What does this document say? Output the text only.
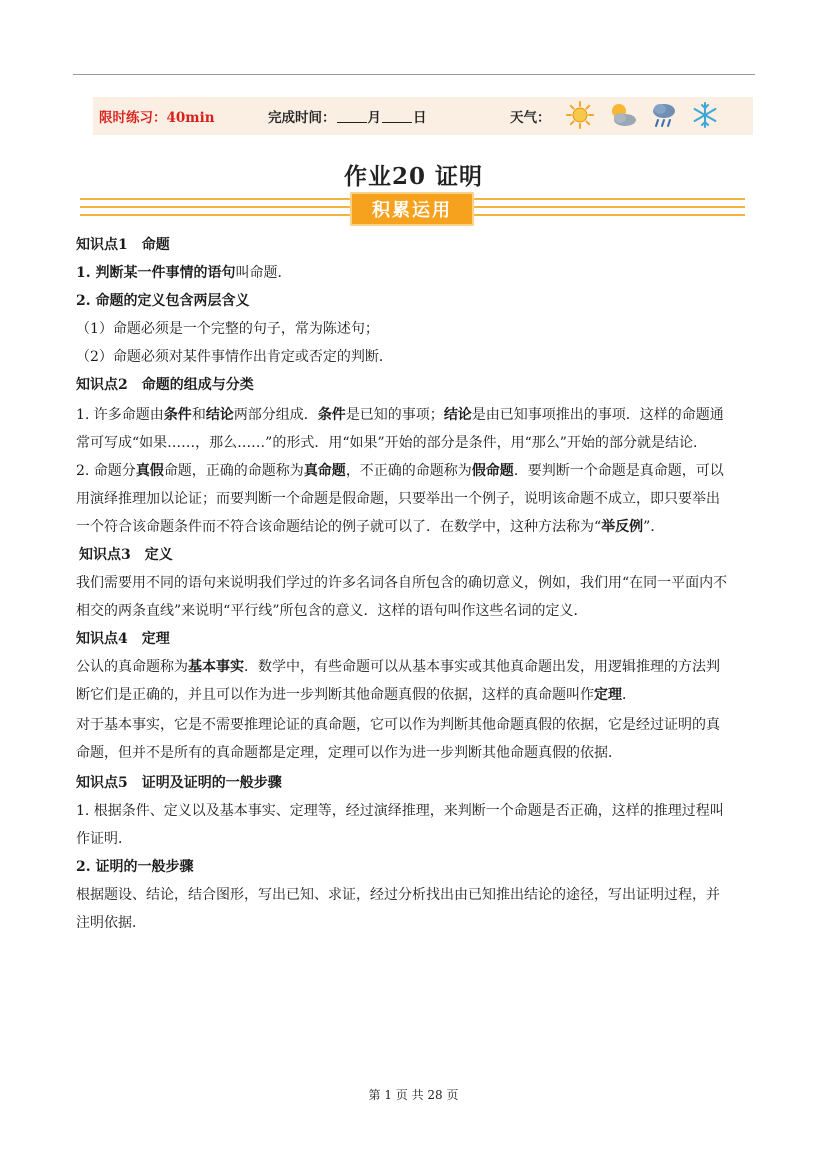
限时练习：40min	完成时间： 月 日	天气：
作业20 证明
积累运用
知识点1　命题
1. 判断某一件事情的语句叫命题．
2. 命题的定义包含两层含义
（1）命题必须是一个完整的句子，常为陈述句；
（2）命题必须对某件事情作出肯定或否定的判断．
知识点2　命题的组成与分类
1. 许多命题由条件和结论两部分组成．条件是已知的事项；结论是由已知事项推出的事项．这样的命题通
常可写成“如果……，那么……”的形式．用“如果”开始的部分是条件，用“那么”开始的部分就是结论．
2. 命题分真假命题，正确的命题称为真命题，不正确的命题称为假命题．要判断一个命题是真命题，可以
用演绎推理加以论证；而要判断一个命题是假命题，只要举出一个例子，说明该命题不成立，即只要举出
一个符合该命题条件而不符合该命题结论的例子就可以了．在数学中，这种方法称为“举反例”．
知识点3　定义
我们需要用不同的语句来说明我们学过的许多名词各自所包含的确切意义，例如，我们用“在同一平面内不
相交的两条直线”来说明“平行线”所包含的意义．这样的语句叫作这些名词的定义．
知识点4　定理
公认的真命题称为基本事实．数学中，有些命题可以从基本事实或其他真命题出发，用逻辑推理的方法判
断它们是正确的，并且可以作为进一步判断其他命题真假的依据，这样的真命题叫作定理．
对于基本事实，它是不需要推理论证的真命题，它可以作为判断其他命题真假的依据，它是经过证明的真
命题，但并不是所有的真命题都是定理，定理可以作为进一步判断其他命题真假的依据．
知识点5　证明及证明的一般步骤
1. 根据条件、定义以及基本事实、定理等，经过演绎推理，来判断一个命题是否正确，这样的推理过程叫
作证明．
2. 证明的一般步骤
根据题设、结论，结合图形，写出已知、求证，经过分析找出由已知推出结论的途径，写出证明过程，并
注明依据．
第 1 页 共 28 页
